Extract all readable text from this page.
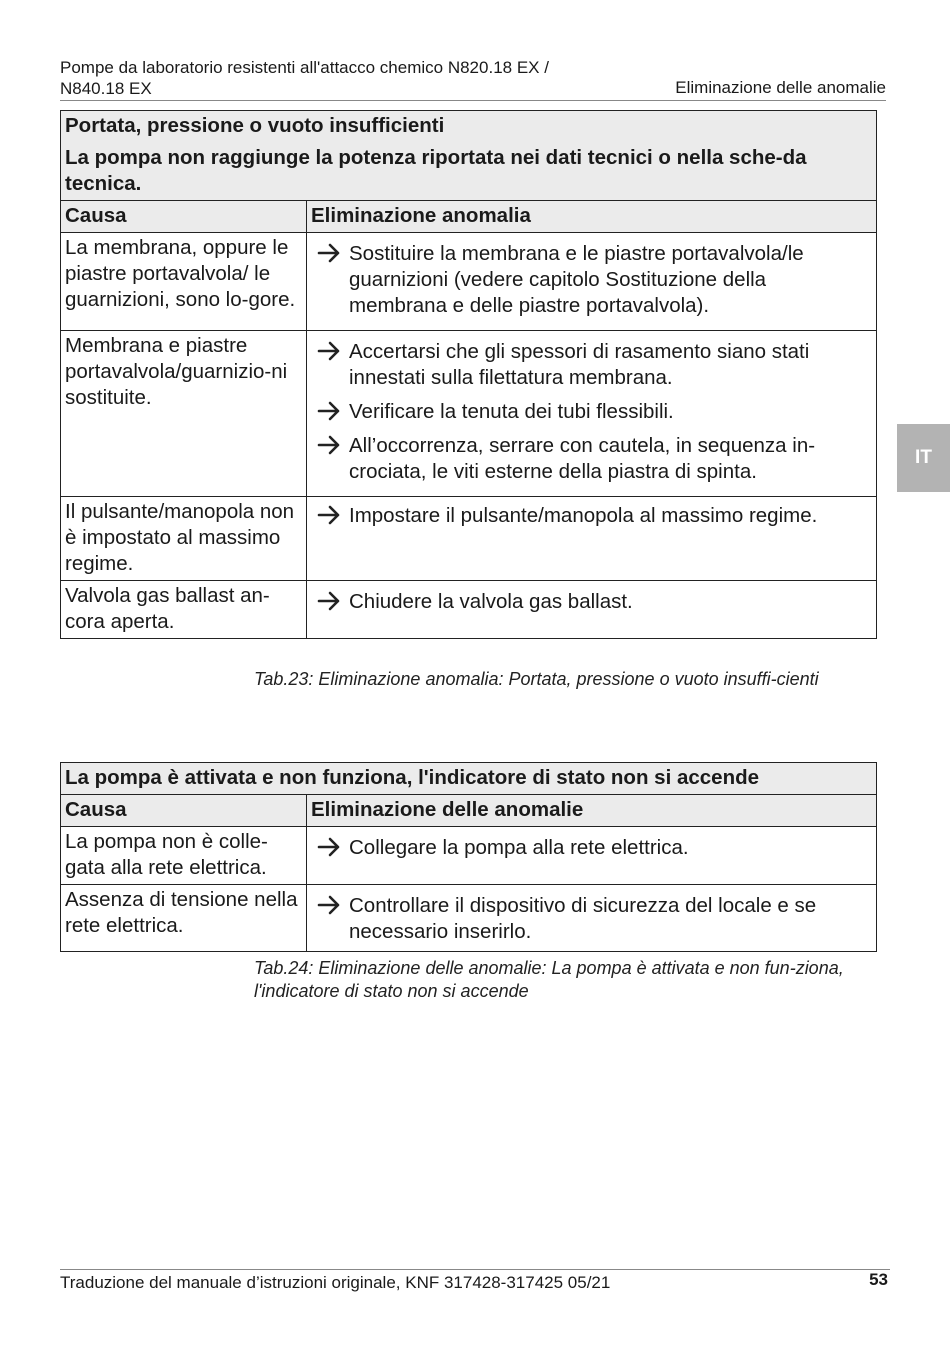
Pompe da laboratorio resistenti all'attacco chemico N820.18 EX /
N840.18 EX	Eliminazione delle anomalie
IT
Portata, pressione o vuoto insufficienti
La pompa non raggiunge la potenza riportata nei dati tecnici o nella sche-da tecnica.	

Causa	Eliminazione anomalia
La membrana, oppure le piastre portavalvola/ le guarnizioni, sono lo-gore.	Sostituire la membrana e le piastre portavalvola/le guarnizioni (vedere capitolo Sostituzione della membrana e delle piastre portavalvola).

Membrana e piastre portavalvola/guarnizio-ni sostituite.	Accertarsi che gli spessori di rasamento siano stati innestati sulla filettatura membrana.
Verificare la tenuta dei tubi flessibili.
All’occorrenza, serrare con cautela, in sequenza in-crociata, le viti esterne della piastra di spinta.

Il pulsante/manopola non è impostato al massimo regime.	Impostare il pulsante/manopola al massimo regime.

Valvola gas ballast an-cora aperta.	Chiudere la valvola gas ballast.
Tab.23: Eliminazione anomalia: Portata, pressione o vuoto insuffi-cienti
La pompa è attivata e non funziona, l'indicatore di stato non si accende	
Causa	Eliminazione delle anomalie
La pompa non è colle-gata alla rete elettrica.	Collegare la pompa alla rete elettrica.

Assenza di tensione nella rete elettrica.	Controllare il dispositivo di sicurezza del locale e se necessario inserirlo.
Tab.24: Eliminazione delle anomalie: La pompa è attivata e non fun-ziona, l'indicatore di stato non si accende
Traduzione del manuale d’istruzioni originale, KNF 317428-317425 05/21	53
